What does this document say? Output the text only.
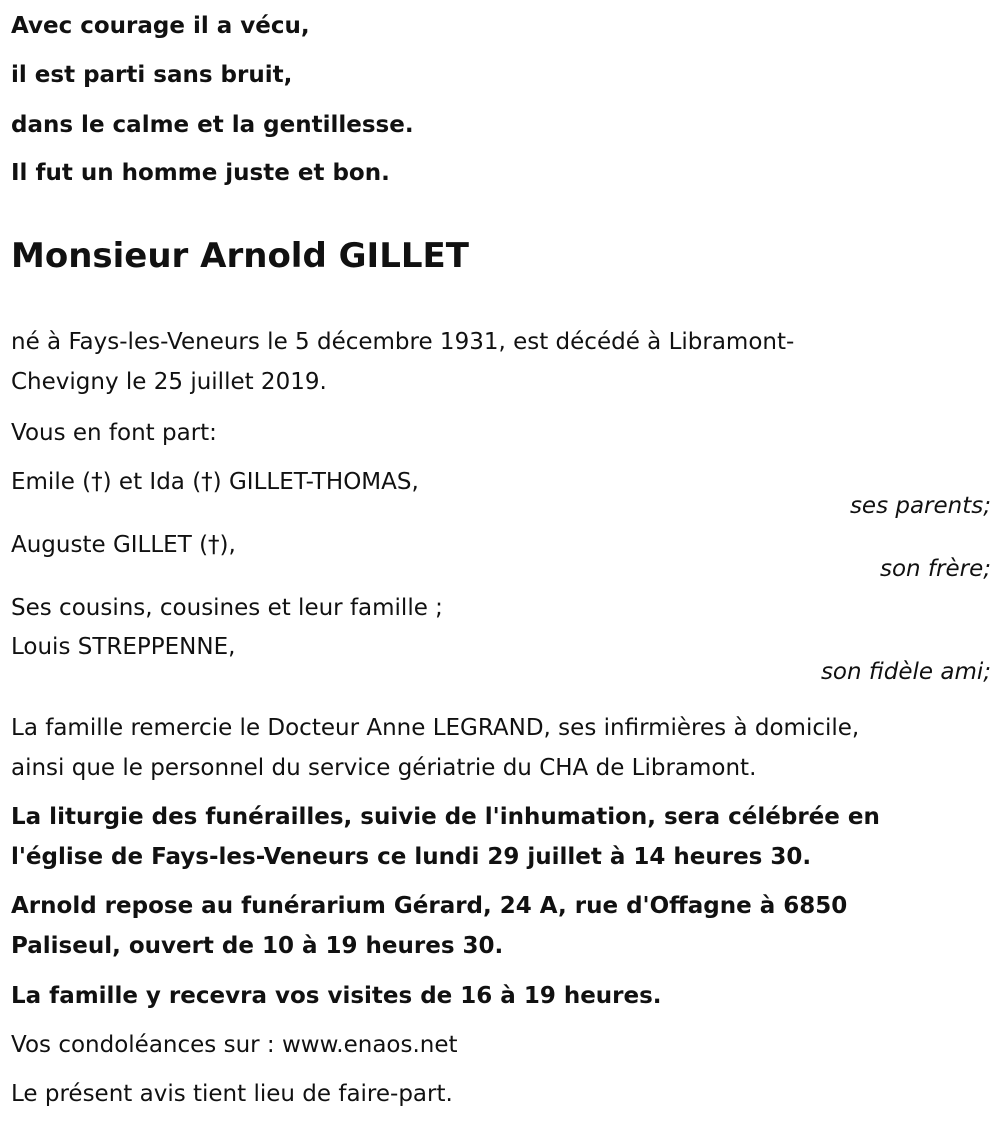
Avec courage il a vécu,

il est parti sans bruit,

dans le calme et la gentillesse.

Il fut un homme juste et bon.

Monsieur Arnold GILLET

né à Fays-les-Veneurs le 5 décembre 1931, est décédé à Libramont-

Chevigny le 25 juillet 2019.

Vous en font part:

Emile (†) et Ida (†) GILLET-THOMAS,

ses parents;

Auguste GILLET (†),

son frère;

Ses cousins, cousines et leur famille ;

Louis STREPPENNE,

son fidèle ami;

La famille remercie le Docteur Anne LEGRAND, ses infirmières à domicile,

ainsi que le personnel du service gériatrie du CHA de Libramont.

La liturgie des funérailles, suivie de l'inhumation, sera célébrée en

l'église de Fays-les-Veneurs ce lundi 29 juillet à 14 heures 30.

Arnold repose au funérarium Gérard, 24 A, rue d'Offagne à 6850

Paliseul, ouvert de 10 à 19 heures 30.

La famille y recevra vos visites de 16 à 19 heures.

Vos condoléances sur : www.enaos.net

Le présent avis tient lieu de faire-part.
